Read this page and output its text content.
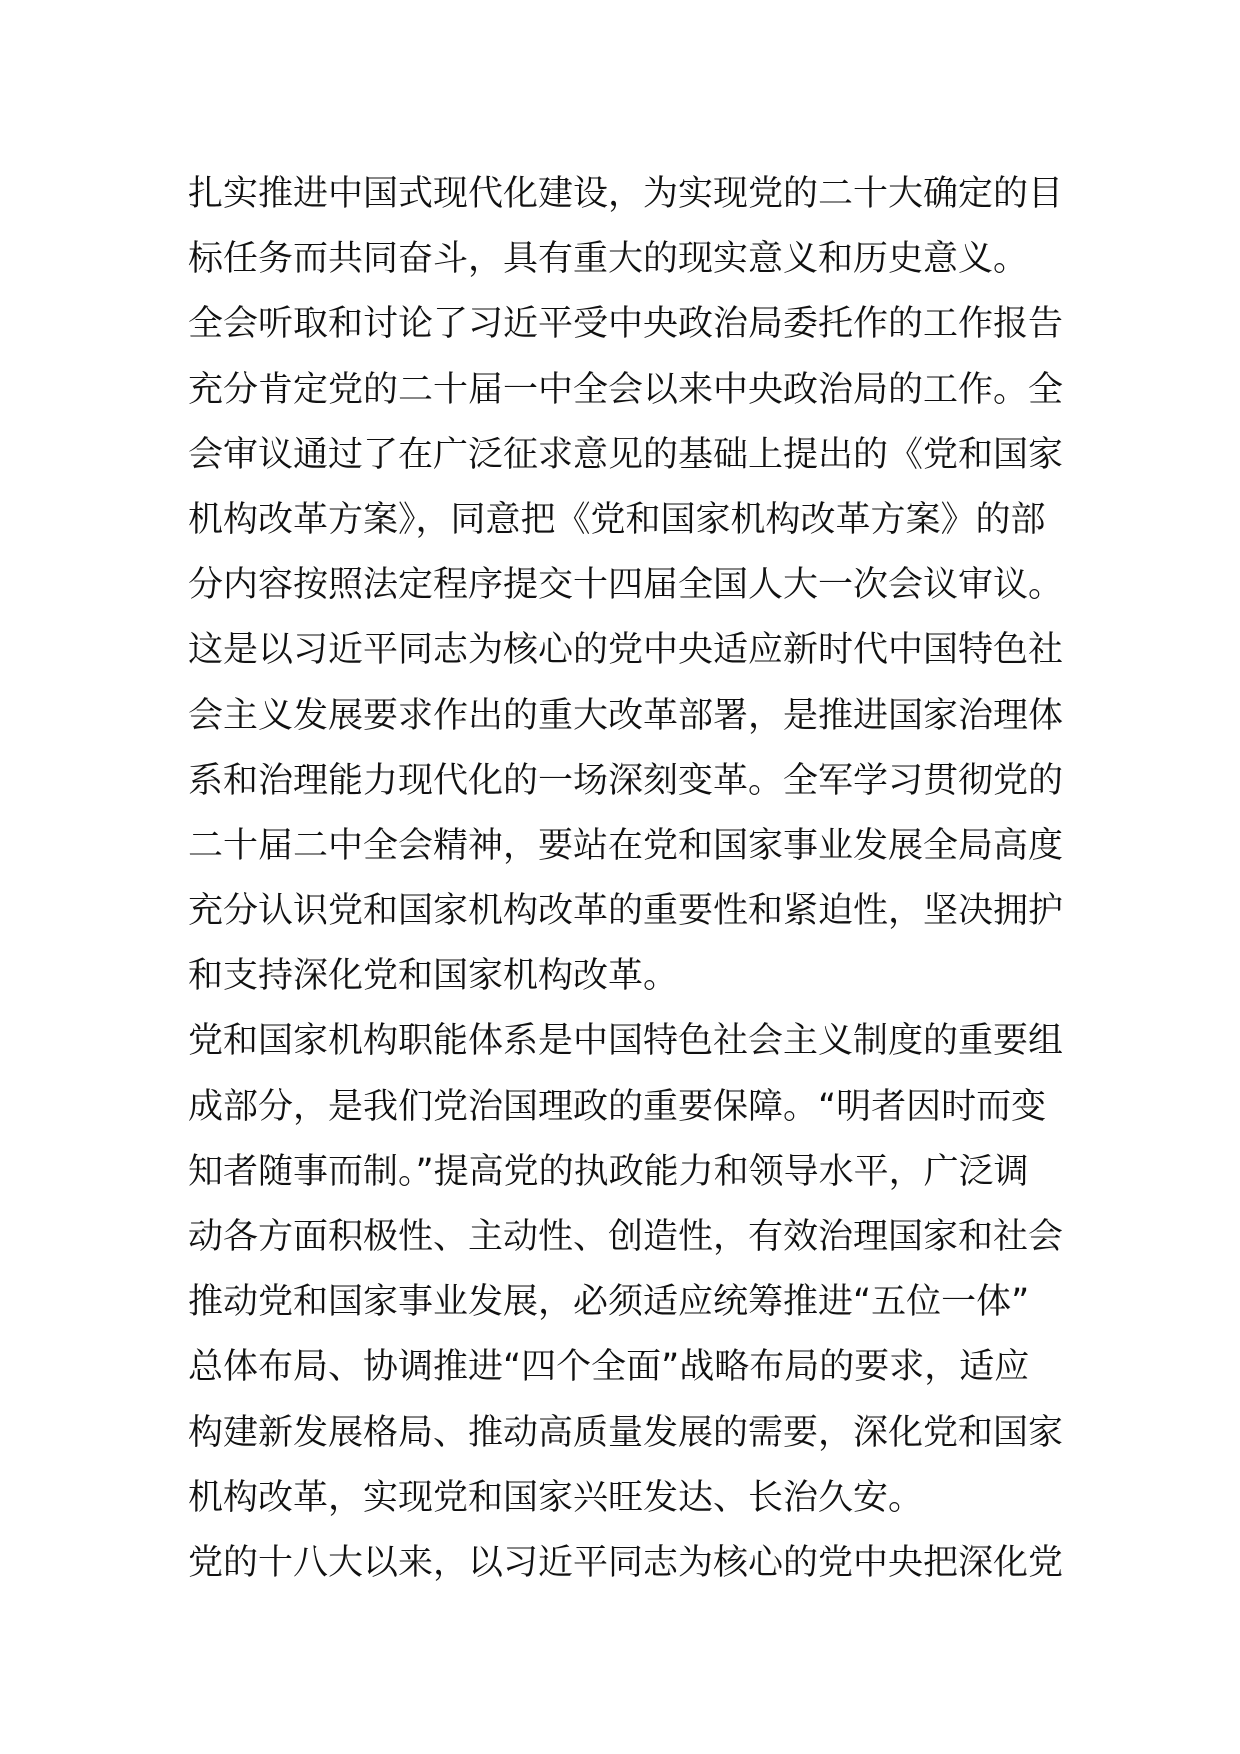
扎实推进中国式现代化建设，为实现党的二十大确定的目
标任务而共同奋斗，具有重大的现实意义和历史意义。
全会听取和讨论了习近平受中央政治局委托作的工作报告
充分肯定党的二十届一中全会以来中央政治局的工作。全
会审议通过了在广泛征求意见的基础上提出的《党和国家
机构改革方案》，同意把《党和国家机构改革方案》的部
分内容按照法定程序提交十四届全国人大一次会议审议。
这是以习近平同志为核心的党中央适应新时代中国特色社
会主义发展要求作出的重大改革部署，是推进国家治理体
系和治理能力现代化的一场深刻变革。全军学习贯彻党的
二十届二中全会精神，要站在党和国家事业发展全局高度
充分认识党和国家机构改革的重要性和紧迫性，坚决拥护
和支持深化党和国家机构改革。
党和国家机构职能体系是中国特色社会主义制度的重要组
成部分，是我们党治国理政的重要保障。“明者因时而变
知者随事而制。”提高党的执政能力和领导水平，广泛调
动各方面积极性、主动性、创造性，有效治理国家和社会
推动党和国家事业发展，必须适应统筹推进“五位一体”
总体布局、协调推进“四个全面”战略布局的要求，适应
构建新发展格局、推动高质量发展的需要，深化党和国家
机构改革，实现党和国家兴旺发达、长治久安。
党的十八大以来，以习近平同志为核心的党中央把深化党
